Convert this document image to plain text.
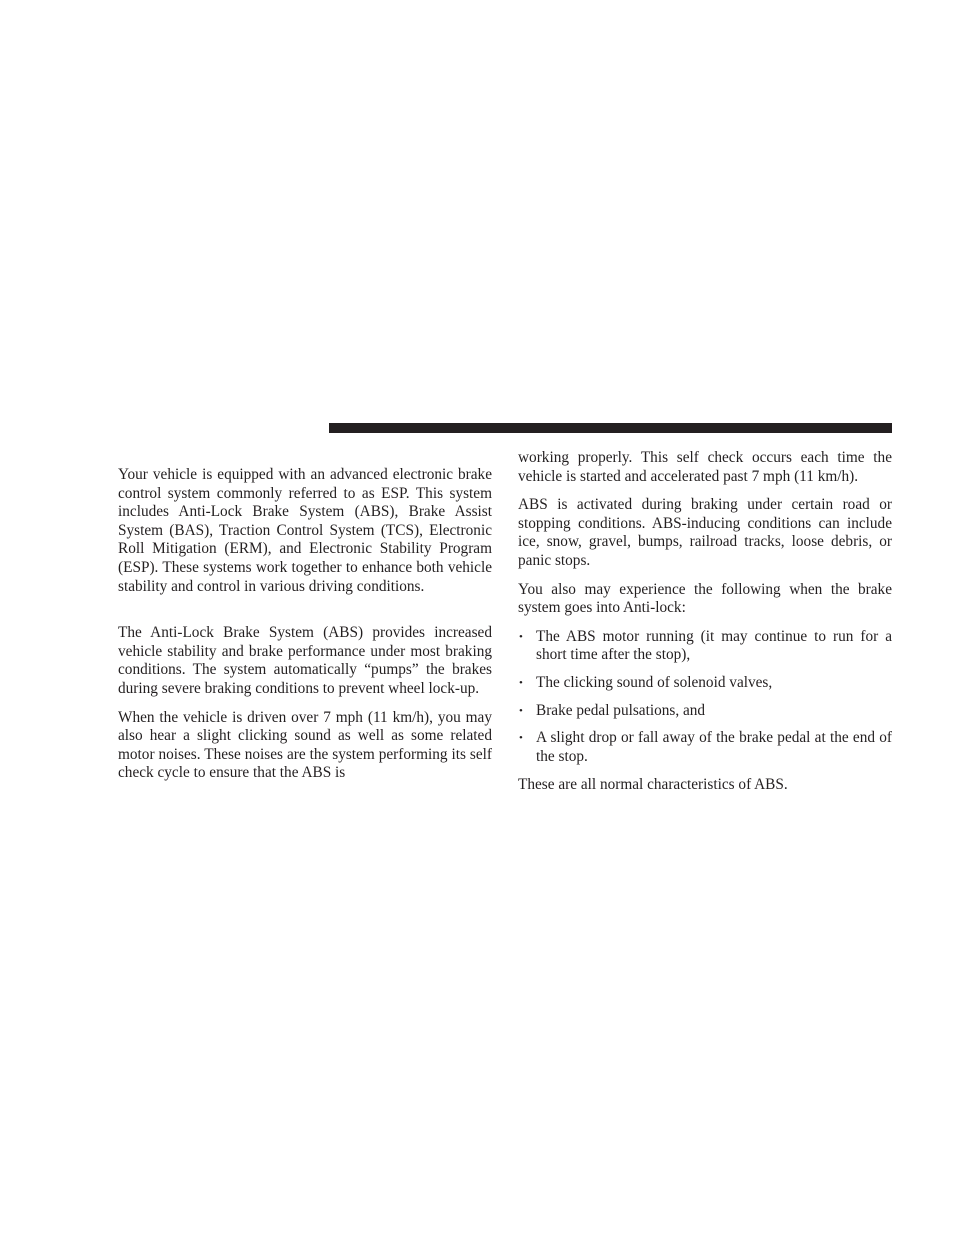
Your vehicle is equipped with an advanced electronic brake control system commonly referred to as ESP. This system includes Anti-Lock Brake System (ABS), Brake Assist System (BAS), Traction Control System (TCS), Electronic Roll Mitigation (ERM), and Electronic Stability Program (ESP). These systems work together to enhance both vehicle stability and control in various driving conditions.

The Anti-Lock Brake System (ABS) provides increased vehicle stability and brake performance under most braking conditions. The system automatically “pumps” the brakes during severe braking conditions to prevent wheel lock-up.

When the vehicle is driven over 7 mph (11 km/h), you may also hear a slight clicking sound as well as some related motor noises. These noises are the system performing its self check cycle to ensure that the ABS is

working properly. This self check occurs each time the vehicle is started and accelerated past 7 mph (11 km/h).

ABS is activated during braking under certain road or stopping conditions. ABS-inducing conditions can include ice, snow, gravel, bumps, railroad tracks, loose debris, or panic stops.

You also may experience the following when the brake system goes into Anti-lock:

• The ABS motor running (it may continue to run for a short time after the stop),
• The clicking sound of solenoid valves,
• Brake pedal pulsations, and
• A slight drop or fall away of the brake pedal at the end of the stop.

These are all normal characteristics of ABS.
